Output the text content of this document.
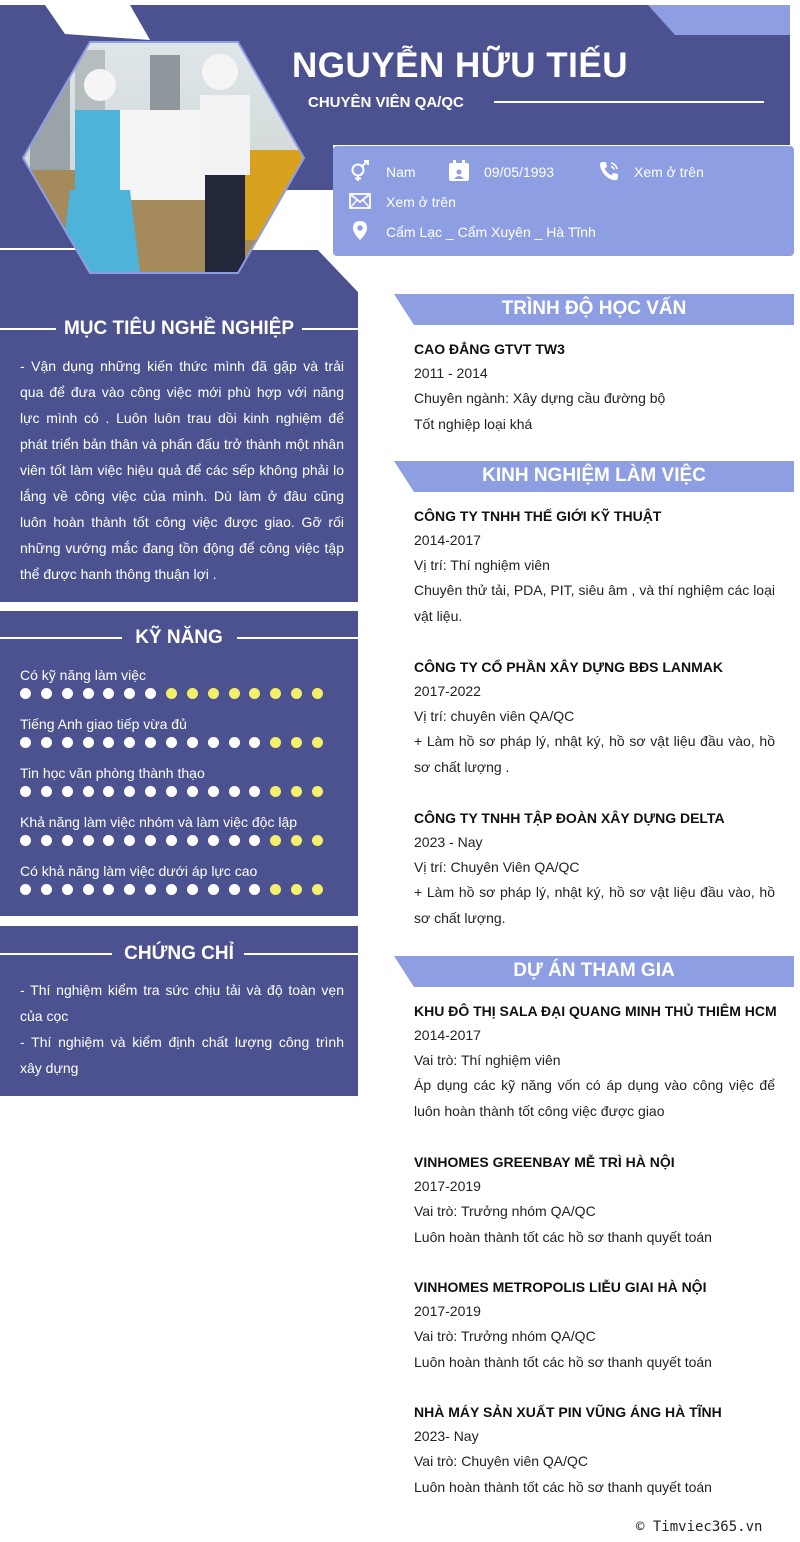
NGUYỄN HỮU TIẾU
CHUYÊN VIÊN QA/QC
Nam	09/05/1993	Xem ở trên
Xem ở trên
Cẩm Lạc _ Cẩm Xuyên _ Hà Tĩnh
MỤC TIÊU NGHỀ NGHIỆP
- Vận dụng những kiến thức mình đã gặp và trải qua để đưa vào công việc mới phù hợp với năng lực mình có . Luôn luôn trau dồi kinh nghiệm để phát triển bản thân và phấn đấu trở thành một nhân viên tốt làm việc hiệu quả để các sếp không phải lo lắng về công việc của mình. Dù làm ở đâu cũng luôn hoàn thành tốt công việc được giao. Gỡ rối những vướng mắc đang tồn động để công việc tập thể được hanh thông thuận lợi .
KỸ NĂNG
Có kỹ năng làm việc
Tiếng Anh giao tiếp vừa đủ
Tin học văn phòng thành thạo
Khả năng làm việc nhóm và làm việc độc lập
Có khả năng làm việc dưới áp lực cao
CHỨNG CHỈ
- Thí nghiệm kiểm tra sức chịu tải và độ toàn vẹn của cọc
- Thí nghiệm và kiểm định chất lượng công trình xây dựng
TRÌNH ĐỘ HỌC VẤN
CAO ĐẲNG GTVT TW3
2011 - 2014
Chuyên ngành: Xây dựng cầu đường bộ
Tốt nghiệp loại khá
KINH NGHIỆM LÀM VIỆC
CÔNG TY TNHH THẾ GIỚI KỸ THUẬT
2014-2017
Vị trí: Thí nghiệm viên
Chuyên thử tải, PDA, PIT, siêu âm , và thí nghiệm các loại vật liệu.
CÔNG TY CỔ PHẦN XÂY DỰNG BĐS LANMAK
2017-2022
Vị trí: chuyên viên QA/QC
+ Làm hồ sơ pháp lý, nhật ký, hồ sơ vật liệu đầu vào, hồ sơ chất lượng .
CÔNG TY TNHH TẬP ĐOÀN XÂY DỰNG DELTA
2023 - Nay
Vị trí: Chuyên Viên QA/QC
+ Làm hồ sơ pháp lý, nhật ký, hồ sơ vật liệu đầu vào, hồ sơ chất lượng.
DỰ ÁN THAM GIA
KHU ĐÔ THỊ SALA ĐẠI QUANG MINH THỦ THIÊM HCM
2014-2017
Vai trò: Thí nghiệm viên
Áp dụng các kỹ năng vốn có áp dụng vào công việc để luôn hoàn thành tốt công việc được giao
VINHOMES GREENBAY MỄ TRÌ HÀ NỘI
2017-2019
Vai trò: Trưởng nhóm QA/QC
Luôn hoàn thành tốt các hồ sơ thanh quyết toán
VINHOMES METROPOLIS LIỄU GIAI HÀ NỘI
2017-2019
Vai trò: Trưởng nhóm QA/QC
Luôn hoàn thành tốt các hồ sơ thanh quyết toán
NHÀ MÁY SẢN XUẤT PIN VŨNG ÁNG HÀ TĨNH
2023- Nay
Vai trò: Chuyên viên QA/QC
Luôn hoàn thành tốt các hồ sơ thanh quyết toán
© Timviec365.vn
